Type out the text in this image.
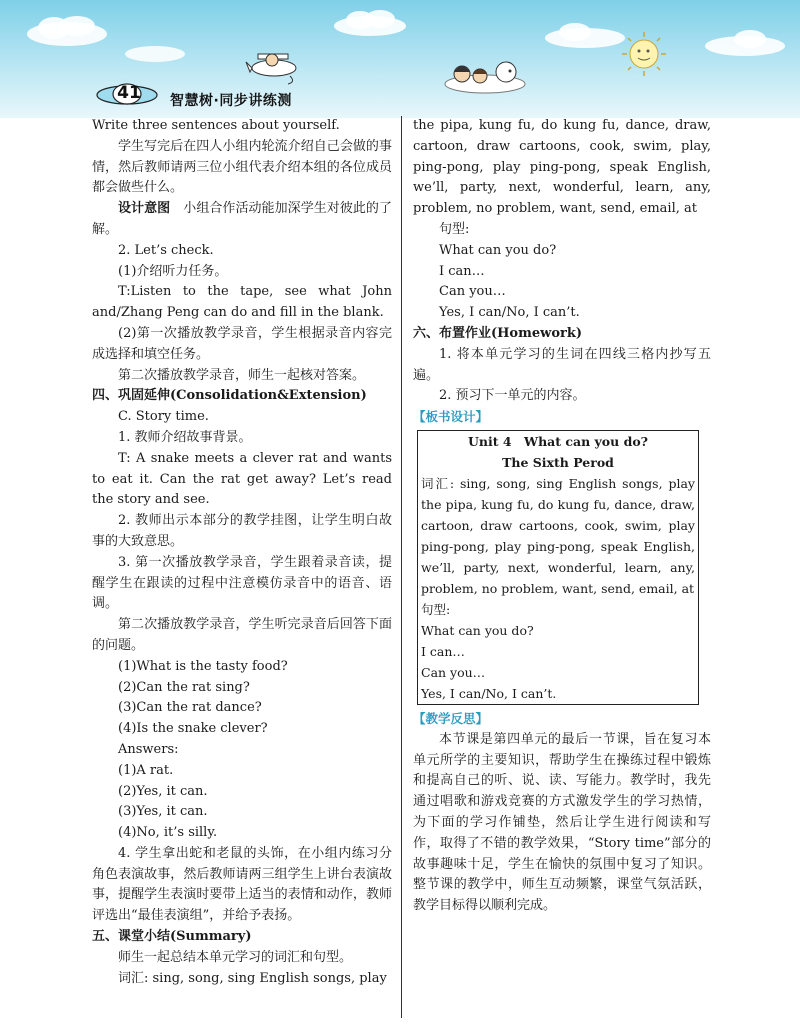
41 智慧树·同步讲练测

Write three sentences about yourself.

学生写完后在四人小组内轮流介绍自己会做的事情，然后教师请两三位小组代表介绍本组的各位成员都会做些什么。

设计意图　 小组合作活动能加深学生对彼此的了解。

2. Let’s check.

(1)介绍听力任务。

T:Listen to the tape, see what John and/Zhang Peng can do and fill in the blank.

(2)第一次播放教学录音，学生根据录音内容完成选择和填空任务。

第二次播放教学录音，师生一起核对答案。

四、巩固延伸(Consolidation&Extension)

C. Story time.

1. 教师介绍故事背景。

T: A snake meets a clever rat and wants to eat it. Can the rat get away? Let’s read the story and see.

2. 教师出示本部分的教学挂图，让学生明白故事的大致意思。

3. 第一次播放教学录音，学生跟着录音读，提醒学生在跟读的过程中注意模仿录音中的语音、语调。

第二次播放教学录音，学生听完录音后回答下面的问题。

(1)What is the tasty food?

(2)Can the rat sing?

(3)Can the rat dance?

(4)Is the snake clever?

Answers:

(1)A rat.

(2)Yes, it can.

(3)Yes, it can.

(4)No, it’s silly.

4. 学生拿出蛇和老鼠的头饰，在小组内练习分角色表演故事，然后教师请两三组学生上讲台表演故事，提醒学生表演时要带上适当的表情和动作，教师评选出“最佳表演组”，并给予表扬。

五、课堂小结(Summary)

师生一起总结本单元学习的词汇和句型。

词汇: sing, song, sing English songs, play

the pipa, kung fu, do kung fu, dance, draw, cartoon, draw cartoons, cook, swim, play, ping-pong, play ping-pong, speak English, we’ll, party, next, wonderful, learn, any, problem, no problem, want, send, email, at

句型:

What can you do?

I can…

Can you…

Yes, I can/No, I can’t.

六、布置作业(Homework)

1. 将本单元学习的生词在四线三格内抄写五遍。

2. 预习下一单元的内容。

【板书设计】

Unit 4　What can you do?

The Sixth Perod

词汇: sing, song, sing English songs, play the pipa, kung fu, do kung fu, dance, draw, cartoon, draw cartoons, cook, swim, play ping-pong, play ping-pong, speak English, we’ll, party, next, wonderful, learn, any, problem, no problem, want, send, email, at

句型:

What can you do?

I can…

Can you…

Yes, I can/No, I can’t.

【教学反思】

本节课是第四单元的最后一节课，旨在复习本单元所学的主要知识，帮助学生在操练过程中锻炼和提高自己的听、说、读、写能力。教学时，我先通过唱歌和游戏竞赛的方式激发学生的学习热情，为下面的学习作铺垫，然后让学生进行阅读和写作，取得了不错的教学效果，“Story time”部分的故事趣味十足，学生在愉快的氛围中复习了知识。整节课的教学中，师生互动频繁，课堂气氛活跃，教学目标得以顺利完成。
